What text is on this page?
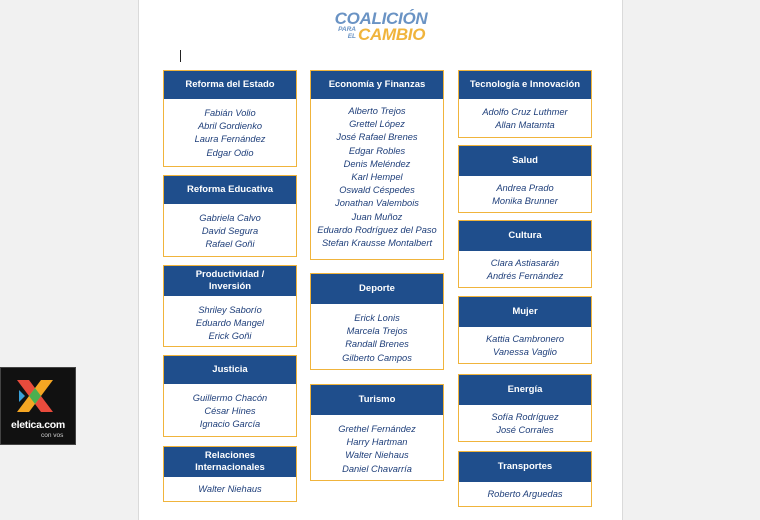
COALICIÓN
PARA
EL CAMBIO
Reforma del Estado
Fabián Volio
Abril Gordienko
Laura Fernández
Edgar Odio
Reforma Educativa
Gabriela Calvo
David Segura
Rafael Goñi
Productividad /
Inversión
Shriley Saborío
Eduardo Mangel
Erick Goñi
Justicia
Guillermo Chacón
César Hines
Ignacio García
Relaciones
Internacionales
Walter Niehaus
Economía y Finanzas
Alberto Trejos
Grettel López
José Rafael Brenes
Edgar Robles
Denis Meléndez
Karl Hempel
Oswald Céspedes
Jonathan Valembois
Juan Muñoz
Eduardo Rodríguez del Paso
Stefan Krausse Montalbert
Deporte
Erick Lonis
Marcela Trejos
Randall Brenes
Gilberto Campos
Turismo
Grethel Fernández
Harry Hartman
Walter Niehaus
Daniel Chavarría
Tecnología e Innovación
Adolfo Cruz Luthmer
Allan Matamta
Salud
Andrea Prado
Monika Brunner
Cultura
Clara Astiasarán
Andrés Fernández
Mujer
Kattia Cambronero
Vanessa Vaglio
Energía
Sofía Rodríguez
José Corrales
Transportes
Roberto Arguedas
eletica.com
con vos
